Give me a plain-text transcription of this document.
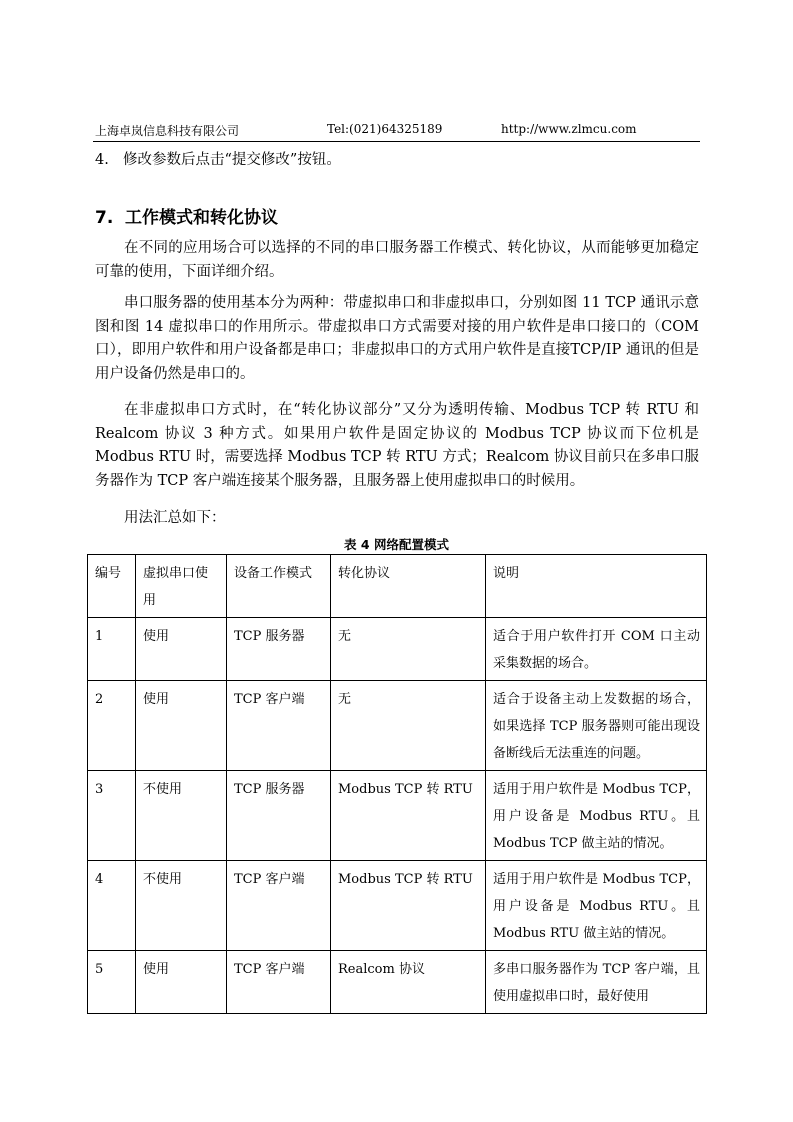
上海卓岚信息科技有限公司	Tel:(021)64325189	http://www.zlmcu.com
4. 修改参数后点击“提交修改”按钮。
7. 工作模式和转化协议

在不同的应用场合可以选择的不同的串口服务器工作模式、转化协议，从而能够更加稳定可靠的使用，下面详细介绍。

串口服务器的使用基本分为两种：带虚拟串口和非虚拟串口，分别如图 11 TCP 通讯示意图和图 14 虚拟串口的作用所示。带虚拟串口方式需要对接的用户软件是串口接口的（COM 口），即用户软件和用户设备都是串口；非虚拟串口的方式用户软件是直接TCP/IP 通讯的但是用户设备仍然是串口的。

在非虚拟串口方式时，在“转化协议部分”又分为透明传输、Modbus TCP 转 RTU 和 Realcom 协议 3 种方式。如果用户软件是固定协议的 Modbus TCP 协议而下位机是 Modbus RTU 时，需要选择 Modbus TCP 转 RTU 方式；Realcom 协议目前只在多串口服务器作为 TCP 客户端连接某个服务器，且服务器上使用虚拟串口的时候用。

用法汇总如下：

表 4 网络配置模式
编号	虚拟串口使用	设备工作模式	转化协议	说明
1	使用	TCP 服务器	无	适合于用户软件打开 COM 口主动采集数据的场合。
2	使用	TCP 客户端	无	适合于设备主动上发数据的场合，如果选择 TCP 服务器则可能出现设备断线后无法重连的问题。
3	不使用	TCP 服务器	Modbus TCP 转 RTU	适用于用户软件是 Modbus TCP，用户设备是 Modbus RTU。且 Modbus TCP 做主站的情况。
4	不使用	TCP 客户端	Modbus TCP 转 RTU	适用于用户软件是 Modbus TCP，用户设备是 Modbus RTU。且 Modbus RTU 做主站的情况。
5	使用	TCP 客户端	Realcom 协议	多串口服务器作为 TCP 客户端，且使用虚拟串口时，最好使用
